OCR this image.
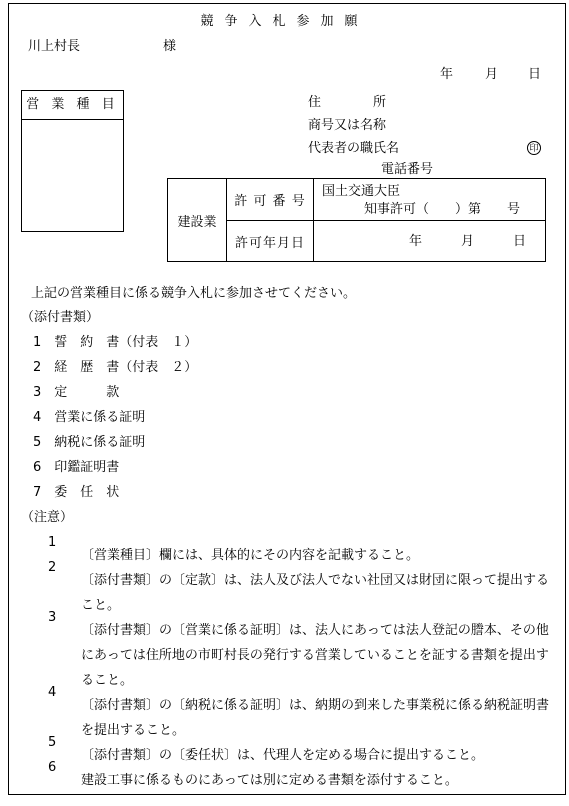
競争入札参加願
川上村長	様
年 月 日
営 業 種 目	住　　　　所
商号又は名称
代表者の職氏名	印
電話番号
建設業	許 可 番 号	国土交通大臣
知事許可（　　）第　　号

	許可年月日	年　　　月　　　日
上記の営業種目に係る競争入札に参加させてください。
（添付書類）
1　誓　約　書（付表　１）
2　経　歴　書（付表　２）
3　定　　　款
4　営業に係る証明
5　納税に係る証明
6　印鑑証明書
7　委　任　状
（注意）
1

〔営業種目〕欄には、具体的にその内容を記載すること。

2

〔添付書類〕の〔定款〕は、法人及び法人でない社団又は財団に限って提出すること。

3

〔添付書類〕の〔営業に係る証明〕は、法人にあっては法人登記の謄本、その他にあっては住所地の市町村長の発行する営業していることを証する書類を提出すること。

4

〔添付書類〕の〔納税に係る証明〕は、納期の到来した事業税に係る納税証明書を提出すること。

5

〔添付書類〕の〔委任状〕は、代理人を定める場合に提出すること。

6

建設工事に係るものにあっては別に定める書類を添付すること。
